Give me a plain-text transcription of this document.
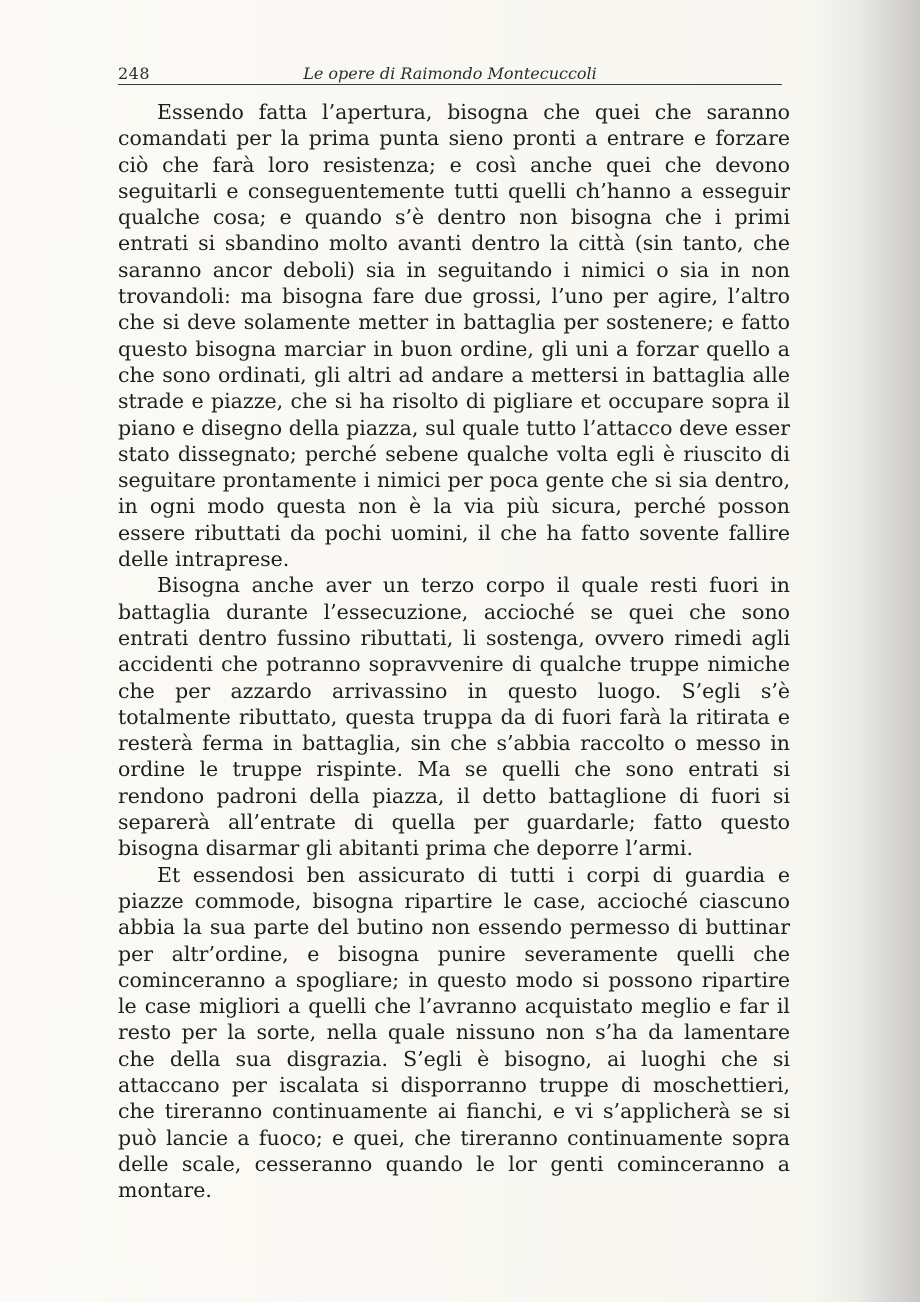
248	Le opere di Raimondo Montecuccoli

Essendo fatta l’apertura, bisogna che quei che saranno comandati per la prima punta sieno pronti a entrare e forzare ciò che farà loro resistenza; e così anche quei che devono seguitarli e conseguentemente tutti quelli ch’hanno a esseguir qualche cosa; e quando s’è dentro non bisogna che i primi entrati si sbandino molto avanti dentro la città (sin tanto, che saranno ancor deboli) sia in seguitando i nimici o sia in non trovandoli: ma bisogna fare due grossi, l’uno per agire, l’altro che si deve solamente metter in battaglia per sostenere; e fatto questo bisogna marciar in buon ordine, gli uni a forzar quello a che sono ordinati, gli altri ad andare a mettersi in battaglia alle strade e piazze, che si ha risolto di pigliare et occupare sopra il piano e disegno della piazza, sul quale tutto l’attacco deve esser stato dissegnato; perché sebene qualche volta egli è riuscito di seguitare prontamente i nimici per poca gente che si sia dentro, in ogni modo questa non è la via più sicura, perché posson essere ributtati da pochi uomini, il che ha fatto sovente fallire delle intraprese.

Bisogna anche aver un terzo corpo il quale resti fuori in battaglia durante l’essecuzione, accioché se quei che sono entrati dentro fussino ributtati, li sostenga, ovvero rimedi agli accidenti che potranno sopravvenire di qualche truppe nimiche che per azzardo arrivassino in questo luogo. S’egli s’è totalmente ributtato, questa truppa da di fuori farà la ritirata e resterà ferma in battaglia, sin che s’abbia raccolto o messo in ordine le truppe rispinte. Ma se quelli che sono entrati si rendono padroni della piazza, il detto battaglione di fuori si separerà all’entrate di quella per guardarle; fatto questo bisogna disarmar gli abitanti prima che deporre l’armi.

Et essendosi ben assicurato di tutti i corpi di guardia e piazze commode, bisogna ripartire le case, accioché ciascuno abbia la sua parte del butino non essendo permesso di buttinar per altr’ordine, e bisogna punire severamente quelli che cominceranno a spogliare; in questo modo si possono ripartire le case migliori a quelli che l’avranno acquistato meglio e far il resto per la sorte, nella quale nissuno non s’ha da lamentare che della sua disgrazia. S’egli è bisogno, ai luoghi che si attaccano per iscalata si disporranno truppe di moschettieri, che tireranno continuamente ai fianchi, e vi s’applicherà se si può lancie a fuoco; e quei, che tireranno continuamente sopra delle scale, cesseranno quando le lor genti cominceranno a montare.
